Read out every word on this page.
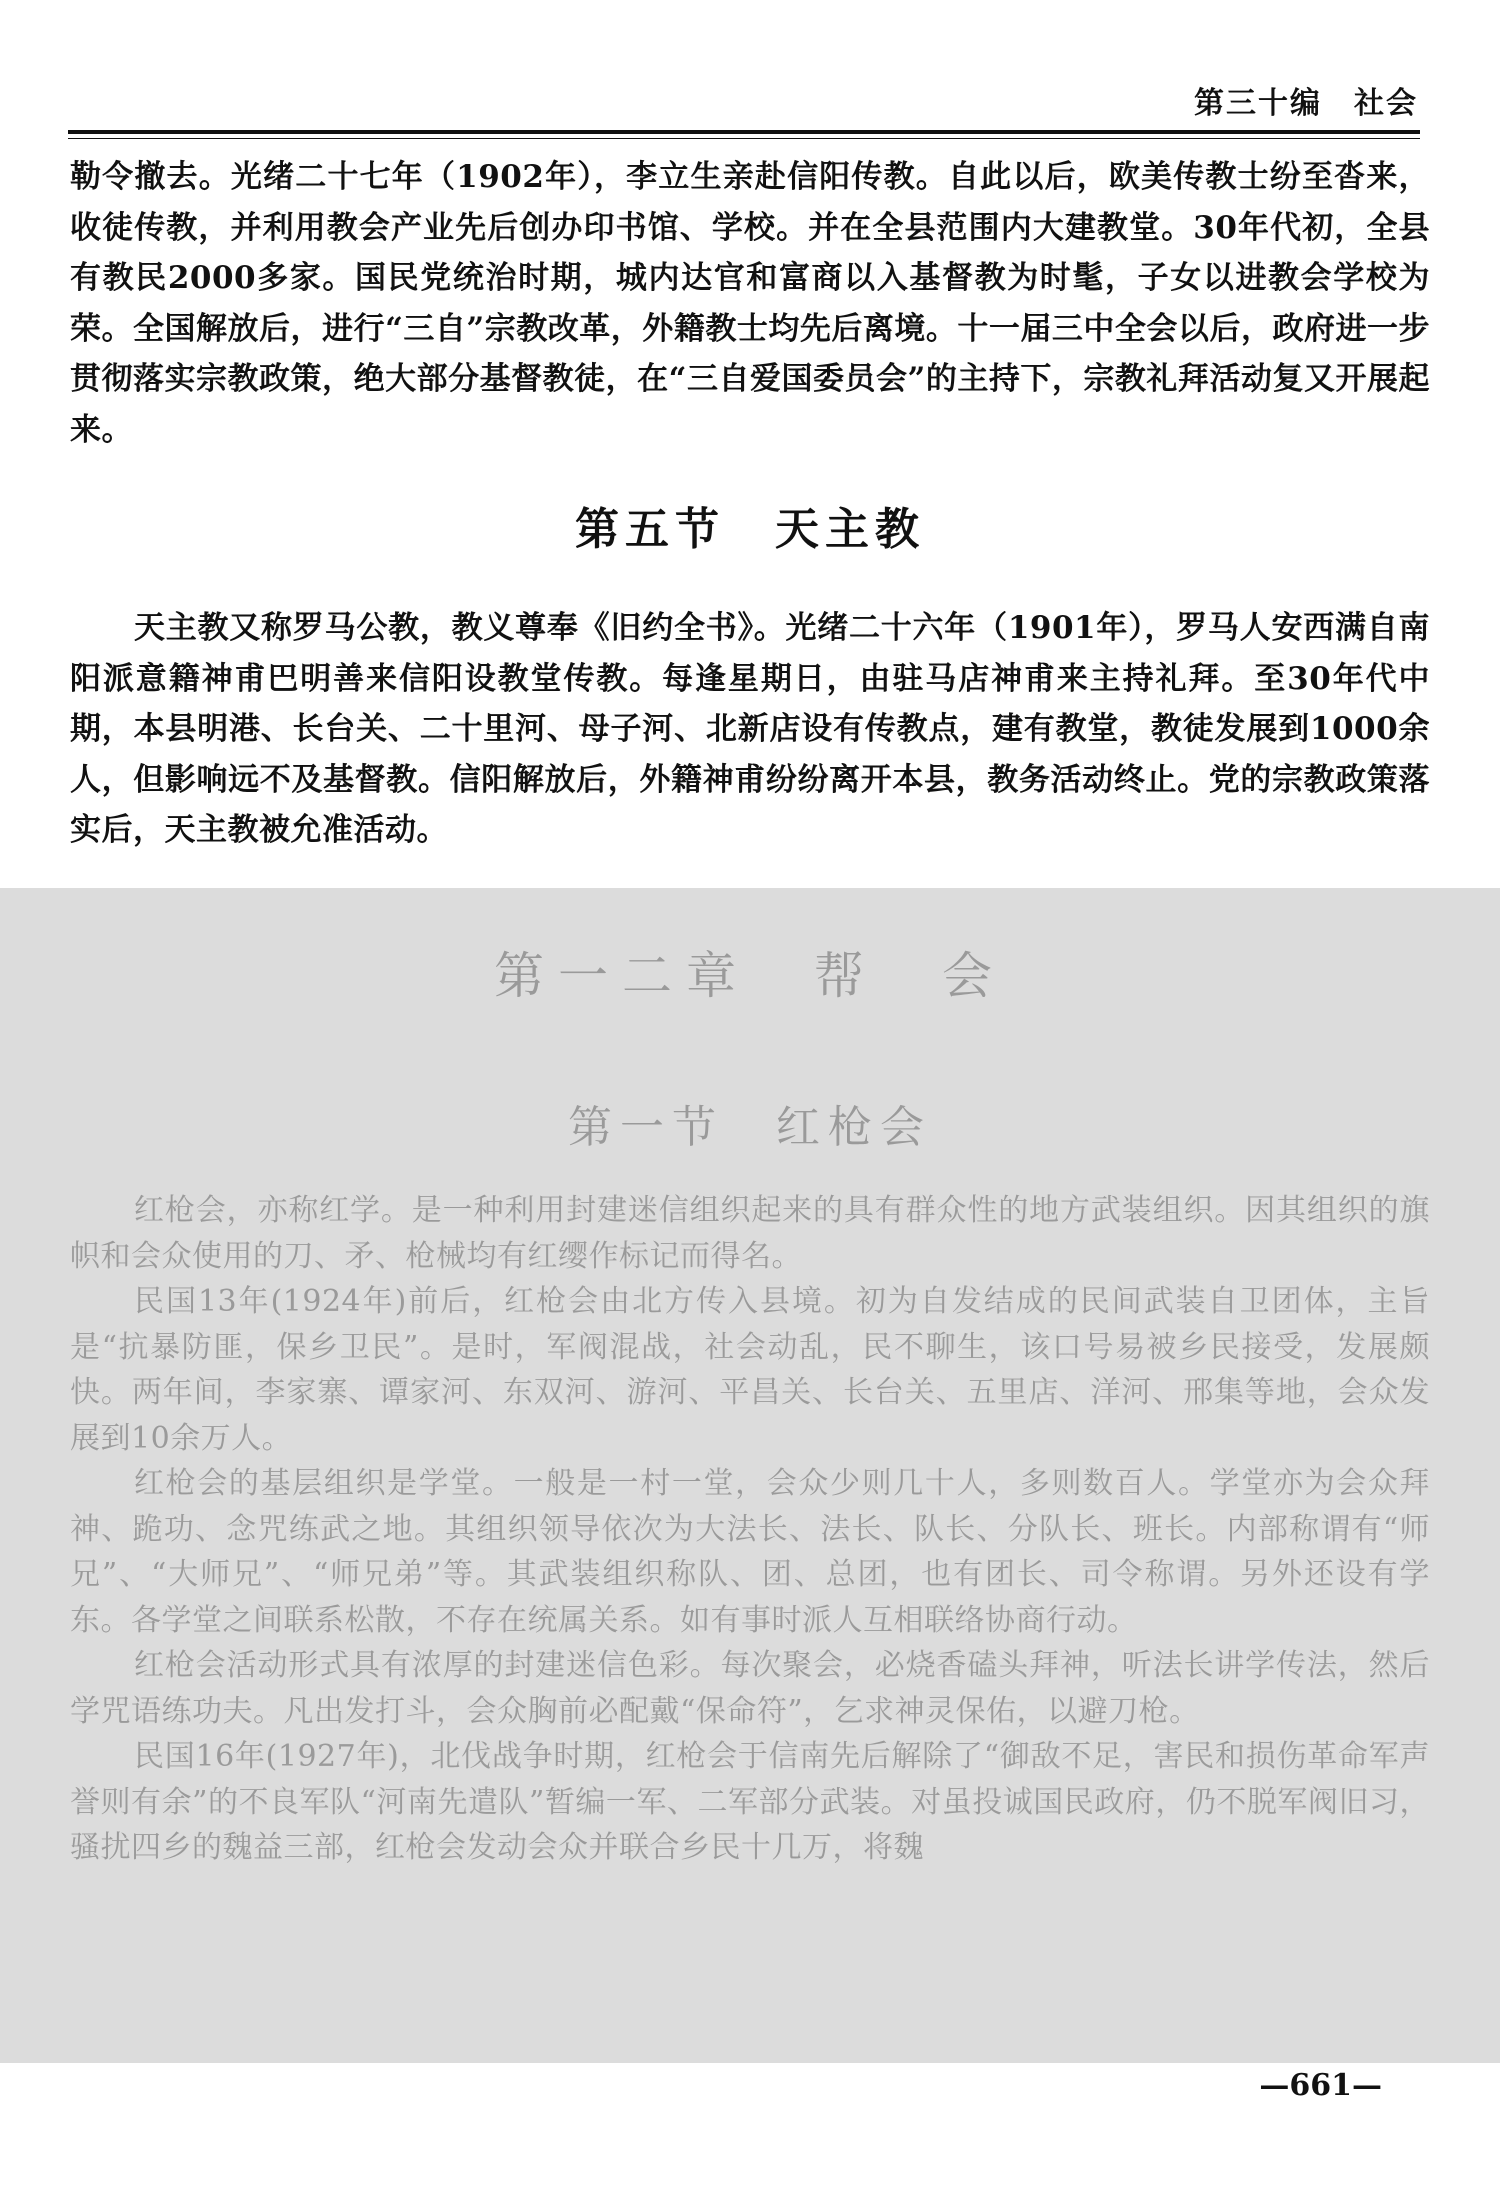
第三十编　社会

勒令撤去。光绪二十七年（1902年），李立生亲赴信阳传教。自此以后，欧美传教士纷至沓来，收徒传教，并利用教会产业先后创办印书馆、学校。并在全县范围内大建教堂。30年代初，全县有教民2000多家。国民党统治时期，城内达官和富商以入基督教为时髦，子女以进教会学校为荣。全国解放后，进行“三自”宗教改革，外籍教士均先后离境。十一届三中全会以后，政府进一步贯彻落实宗教政策，绝大部分基督教徒，在“三自爱国委员会”的主持下，宗教礼拜活动复又开展起来。

第五节　天主教

天主教又称罗马公教，教义尊奉《旧约全书》。光绪二十六年（1901年），罗马人安西满自南阳派意籍神甫巴明善来信阳设教堂传教。每逢星期日，由驻马店神甫来主持礼拜。至30年代中期，本县明港、长台关、二十里河、母子河、北新店设有传教点，建有教堂，教徒发展到1000余人，但影响远不及基督教。信阳解放后，外籍神甫纷纷离开本县，教务活动终止。党的宗教政策落实后，天主教被允准活动。

第一二章　帮　会
第一节　红枪会

红枪会，亦称红学。是一种利用封建迷信组织起来的具有群众性的地方武装组织。因其组织的旗帜和会众使用的刀、矛、枪械均有红缨作标记而得名。

民国13年(1924年)前后，红枪会由北方传入县境。初为自发结成的民间武装自卫团体，主旨是“抗暴防匪，保乡卫民”。是时，军阀混战，社会动乱，民不聊生，该口号易被乡民接受，发展颇快。两年间，李家寨、谭家河、东双河、游河、平昌关、长台关、五里店、洋河、邢集等地，会众发展到10余万人。

红枪会的基层组织是学堂。一般是一村一堂，会众少则几十人，多则数百人。学堂亦为会众拜神、跪功、念咒练武之地。其组织领导依次为大法长、法长、队长、分队长、班长。内部称谓有“师兄”、“大师兄”、“师兄弟”等。其武装组织称队、团、总团，也有团长、司令称谓。另外还设有学东。各学堂之间联系松散，不存在统属关系。如有事时派人互相联络协商行动。

红枪会活动形式具有浓厚的封建迷信色彩。每次聚会，必烧香磕头拜神，听法长讲学传法，然后学咒语练功夫。凡出发打斗，会众胸前必配戴“保命符”，乞求神灵保佑，以避刀枪。

民国16年(1927年)，北伐战争时期，红枪会于信南先后解除了“御敌不足，害民和损伤革命军声誉则有余”的不良军队“河南先遣队”暂编一军、二军部分武装。对虽投诚国民政府，仍不脱军阀旧习，骚扰四乡的魏益三部，红枪会发动会众并联合乡民十几万，将魏

—661—
